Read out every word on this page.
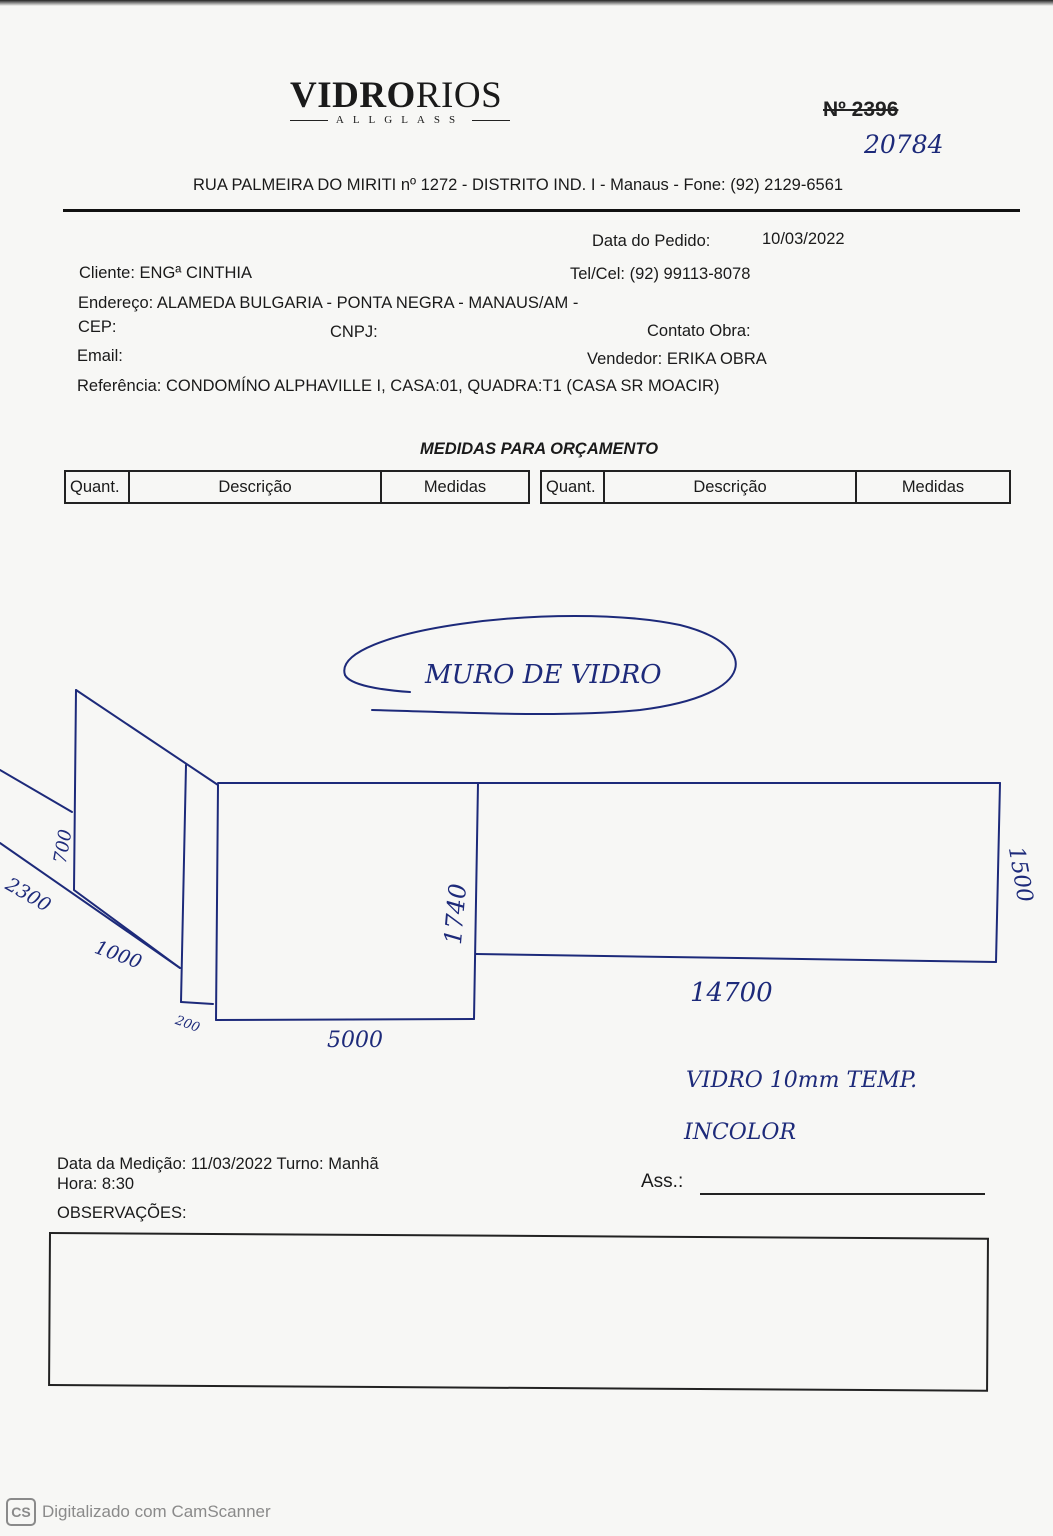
VIDRORIOS
ALLGLASS	Nº 2396
20784
RUA PALMEIRA DO MIRITI nº 1272 - DISTRITO IND. I - Manaus - Fone: (92) 2129-6561
Data do Pedido:	10/03/2022
Cliente: ENGª CINTHIA	Tel/Cel: (92) 99113-8078
Endereço: ALAMEDA BULGARIA - PONTA NEGRA - MANAUS/AM -
CEP:	CNPJ:	Contato Obra:
Email:	Vendedor: ERIKA OBRA
Referência: CONDOMÍNO ALPHAVILLE I, CASA:01, QUADRA:T1 (CASA SR MOACIR)
MEDIDAS PARA ORÇAMENTO
Quant.	Descrição	Medidas	Quant.	Descrição	Medidas
MURO DE VIDRO
700
2300
1000
200
5000
1740
14700
1500
VIDRO 10mm TEMP.
INCOLOR
Data da Medição: 11/03/2022 Turno: Manhã
Hora: 8:30
OBSERVAÇÕES:
Ass.:
CS Digitalizado com CamScanner
